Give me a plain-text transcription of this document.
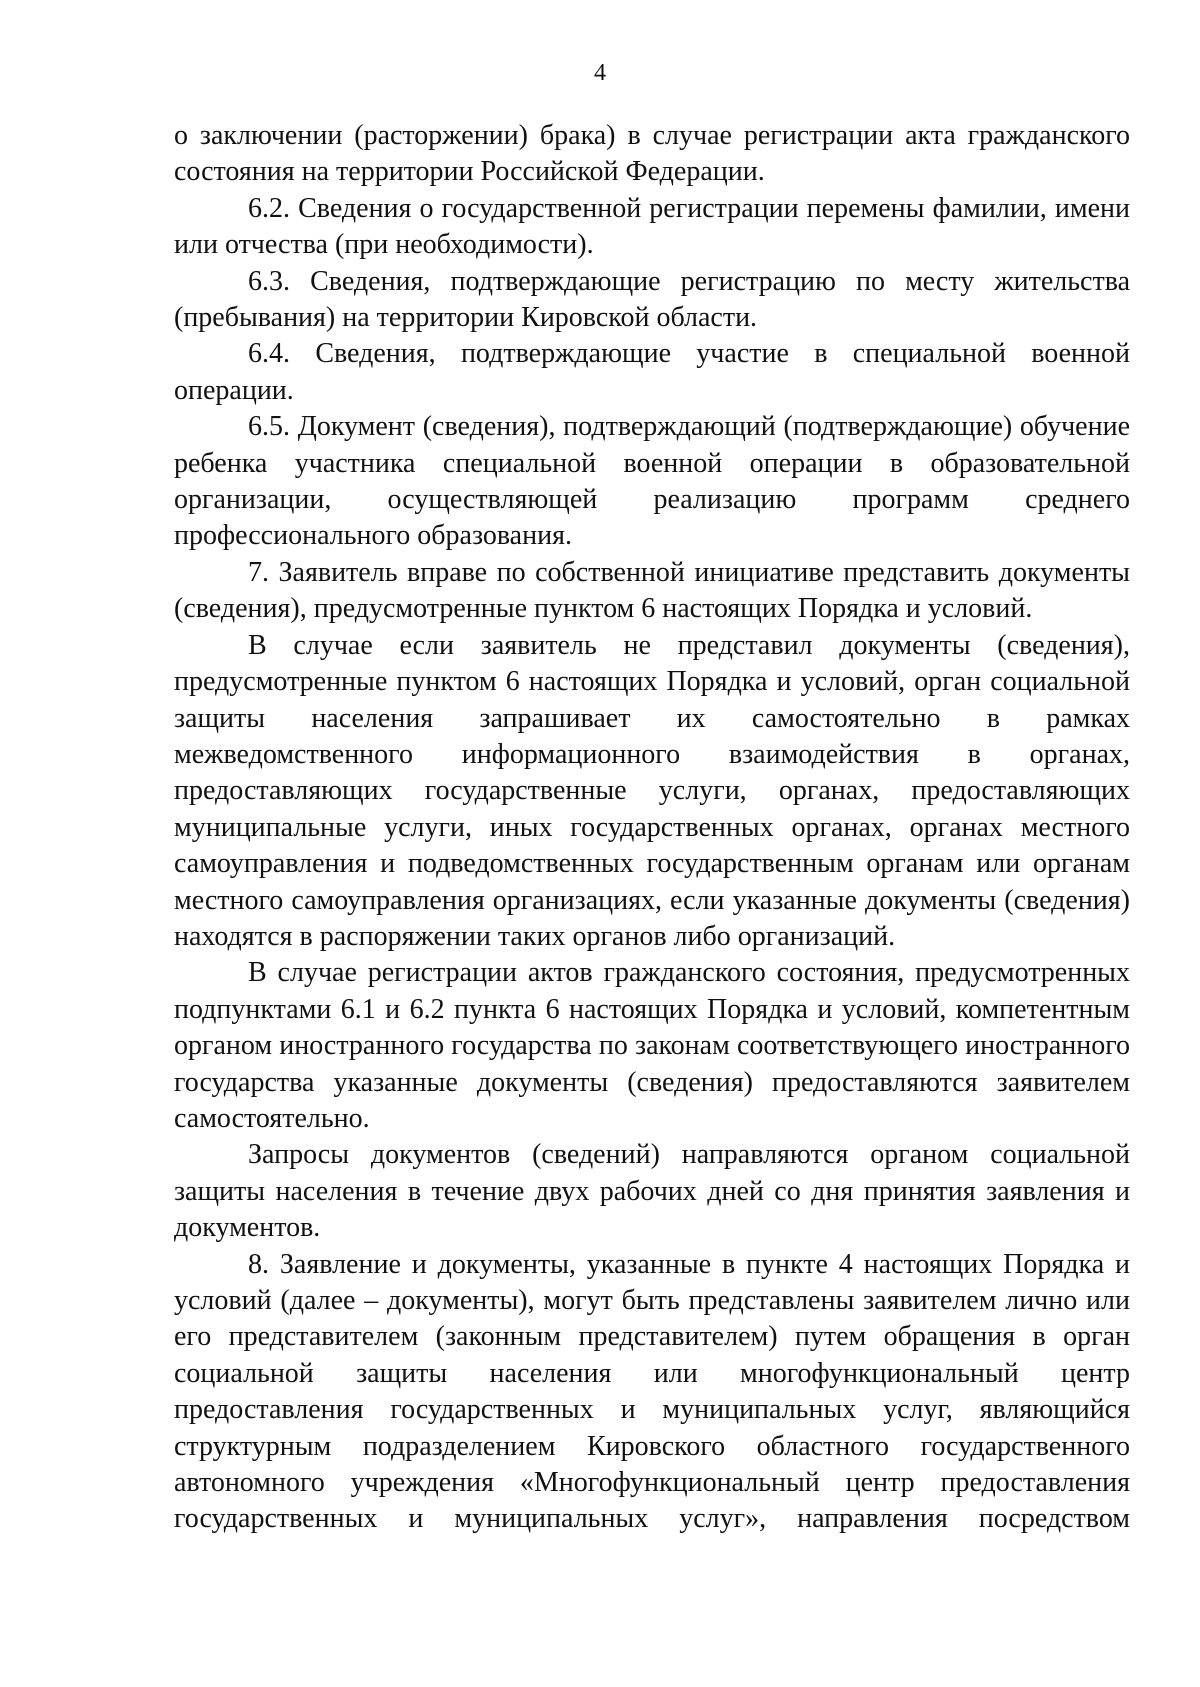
4

о заключении (расторжении) брака) в случае регистрации акта гражданского состояния на территории Российской Федерации.

6.2. Сведения о государственной регистрации перемены фамилии, имени или отчества (при необходимости).

6.3. Сведения, подтверждающие регистрацию по месту жительства (пребывания) на территории Кировской области.

6.4. Сведения, подтверждающие участие в специальной военной операции.

6.5. Документ (сведения), подтверждающий (подтверждающие) обучение ребенка участника специальной военной операции в образовательной организации, осуществляющей реализацию программ среднего профессионального образования.

7. Заявитель вправе по собственной инициативе представить документы (сведения), предусмотренные пунктом 6 настоящих Порядка и условий.

В случае если заявитель не представил документы (сведения), предусмотренные пунктом 6 настоящих Порядка и условий, орган социальной защиты населения запрашивает их самостоятельно в рамках межведомственного информационного взаимодействия в органах, предоставляющих государственные услуги, органах, предоставляющих муниципальные услуги, иных государственных органах, органах местного самоуправления и подведомственных государственным органам или органам местного самоуправления организациях, если указанные документы (сведения) находятся в распоряжении таких органов либо организаций.

В случае регистрации актов гражданского состояния, предусмотренных подпунктами 6.1 и 6.2 пункта 6 настоящих Порядка и условий, компетентным органом иностранного государства по законам соответствующего иностранного государства указанные документы (сведения) предоставляются заявителем самостоятельно.

Запросы документов (сведений) направляются органом социальной защиты населения в течение двух рабочих дней со дня принятия заявления и документов.

8. Заявление и документы, указанные в пункте 4 настоящих Порядка и условий (далее – документы), могут быть представлены заявителем лично или его представителем (законным представителем) путем обращения в орган социальной защиты населения или многофункциональный центр предоставления государственных и муниципальных услуг, являющийся структурным подразделением Кировского областного государственного автономного учреждения «Многофункциональный центр предоставления государственных и муниципальных услуг», направления посредством
